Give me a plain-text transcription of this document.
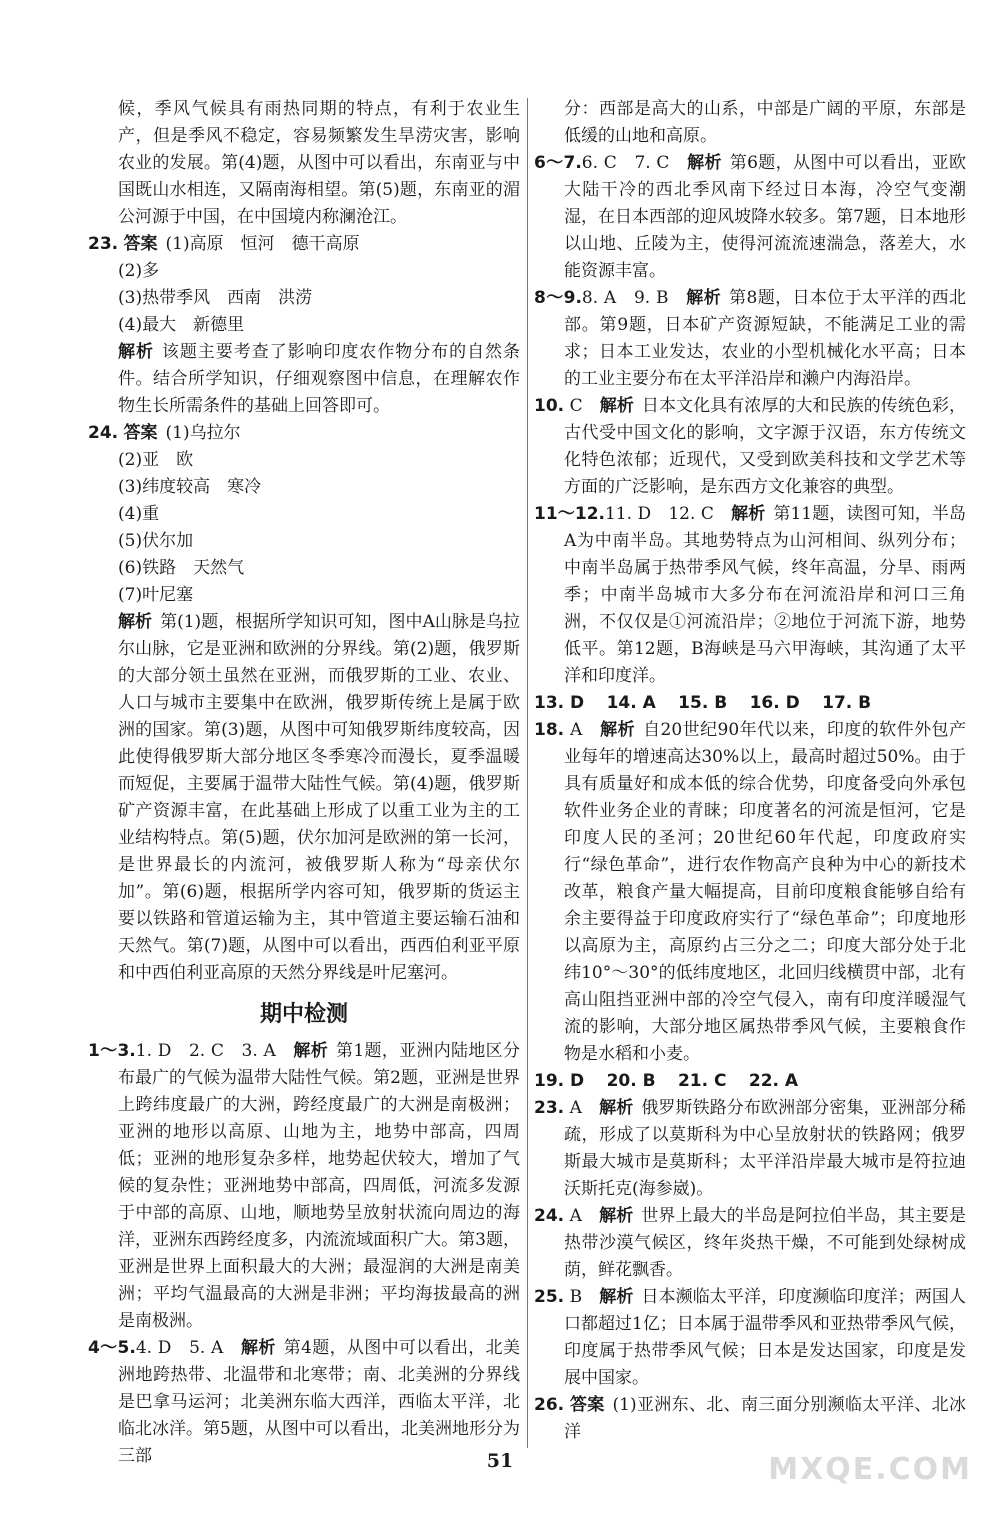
候，季风气候具有雨热同期的特点，有利于农业生产，但是季风不稳定，容易频繁发生旱涝灾害，影响农业的发展。第(4)题，从图中可以看出，东南亚与中国既山水相连，又隔南海相望。第(5)题，东南亚的湄公河源于中国，在中国境内称澜沧江。

23. 答案 (1)高原　恒河　德干高原

(2)多

(3)热带季风　西南　洪涝

(4)最大　新德里

解析 该题主要考查了影响印度农作物分布的自然条件。结合所学知识，仔细观察图中信息，在理解农作物生长所需条件的基础上回答即可。

24. 答案 (1)乌拉尔

(2)亚　欧

(3)纬度较高　寒冷

(4)重

(5)伏尔加

(6)铁路　天然气

(7)叶尼塞

解析 第(1)题，根据所学知识可知，图中A山脉是乌拉尔山脉，它是亚洲和欧洲的分界线。第(2)题，俄罗斯的大部分领土虽然在亚洲，而俄罗斯的工业、农业、人口与城市主要集中在欧洲，俄罗斯传统上是属于欧洲的国家。第(3)题，从图中可知俄罗斯纬度较高，因此使得俄罗斯大部分地区冬季寒冷而漫长，夏季温暖而短促，主要属于温带大陆性气候。第(4)题，俄罗斯矿产资源丰富，在此基础上形成了以重工业为主的工业结构特点。第(5)题，伏尔加河是欧洲的第一长河，是世界最长的内流河，被俄罗斯人称为“母亲伏尔加”。第(6)题，根据所学内容可知，俄罗斯的货运主要以铁路和管道运输为主，其中管道主要运输石油和天然气。第(7)题，从图中可以看出，西西伯利亚平原和中西伯利亚高原的天然分界线是叶尼塞河。

期中检测

1～3.1. D　2. C　3. A　 解析 第1题，亚洲内陆地区分布最广的气候为温带大陆性气候。第2题，亚洲是世界上跨纬度最广的大洲，跨经度最广的大洲是南极洲；亚洲的地形以高原、山地为主，地势中部高，四周低；亚洲的地形复杂多样，地势起伏较大，增加了气候的复杂性；亚洲地势中部高，四周低，河流多发源于中部的高原、山地，顺地势呈放射状流向周边的海洋，亚洲东西跨经度多，内流流域面积广大。第3题，亚洲是世界上面积最大的大洲；最湿润的大洲是南美洲；平均气温最高的大洲是非洲；平均海拔最高的洲是南极洲。

4～5.4. D　5. A　 解析 第4题，从图中可以看出，北美洲地跨热带、北温带和北寒带；南、北美洲的分界线是巴拿马运河；北美洲东临大西洋，西临太平洋，北临北冰洋。第5题，从图中可以看出，北美洲地形分为三部

分：西部是高大的山系，中部是广阔的平原，东部是低缓的山地和高原。

6～7.6. C　7. C　 解析 第6题，从图中可以看出，亚欧大陆干冷的西北季风南下经过日本海，冷空气变潮湿，在日本西部的迎风坡降水较多。第7题，日本地形以山地、丘陵为主，使得河流流速湍急，落差大，水能资源丰富。

8～9.8. A　9. B　 解析 第8题，日本位于太平洋的西北部。第9题，日本矿产资源短缺，不能满足工业的需求；日本工业发达，农业的小型机械化水平高；日本的工业主要分布在太平洋沿岸和濑户内海沿岸。

10. C　 解析 日本文化具有浓厚的大和民族的传统色彩，古代受中国文化的影响，文字源于汉语，东方传统文化特色浓郁；近现代，又受到欧美科技和文学艺术等方面的广泛影响，是东西方文化兼容的典型。

11～12.11. D　12. C　 解析 第11题，读图可知，半岛A为中南半岛。其地势特点为山河相间、纵列分布；中南半岛属于热带季风气候，终年高温，分旱、雨两季；中南半岛城市大多分布在河流沿岸和河口三角洲，不仅仅是①河流沿岸；②地位于河流下游，地势低平。第12题，B海峡是马六甲海峡，其沟通了太平洋和印度洋。

13. D　 14. A　 15. B　 16. D　 17. B

18. A　 解析 自20世纪90年代以来，印度的软件外包产业每年的增速高达30%以上，最高时超过50%。由于具有质量好和成本低的综合优势，印度备受向外承包软件业务企业的青睐；印度著名的河流是恒河，它是印度人民的圣河；20世纪60年代起，印度政府实行“绿色革命”，进行农作物高产良种为中心的新技术改革，粮食产量大幅提高，目前印度粮食能够自给有余主要得益于印度政府实行了“绿色革命”；印度地形以高原为主，高原约占三分之二；印度大部分处于北纬10°～30°的低纬度地区，北回归线横贯中部，北有高山阻挡亚洲中部的冷空气侵入，南有印度洋暖湿气流的影响，大部分地区属热带季风气候，主要粮食作物是水稻和小麦。

19. D　 20. B　 21. C　 22. A

23. A　 解析 俄罗斯铁路分布欧洲部分密集，亚洲部分稀疏，形成了以莫斯科为中心呈放射状的铁路网；俄罗斯最大城市是莫斯科；太平洋沿岸最大城市是符拉迪沃斯托克(海参崴)。

24. A　 解析 世界上最大的半岛是阿拉伯半岛，其主要是热带沙漠气候区，终年炎热干燥，不可能到处绿树成荫，鲜花飘香。

25. B　 解析 日本濒临太平洋，印度濒临印度洋；两国人口都超过1亿；日本属于温带季风和亚热带季风气候，印度属于热带季风气候；日本是发达国家，印度是发展中国家。

26. 答案 (1)亚洲东、北、南三面分别濒临太平洋、北冰洋

51	MXQE.COM
